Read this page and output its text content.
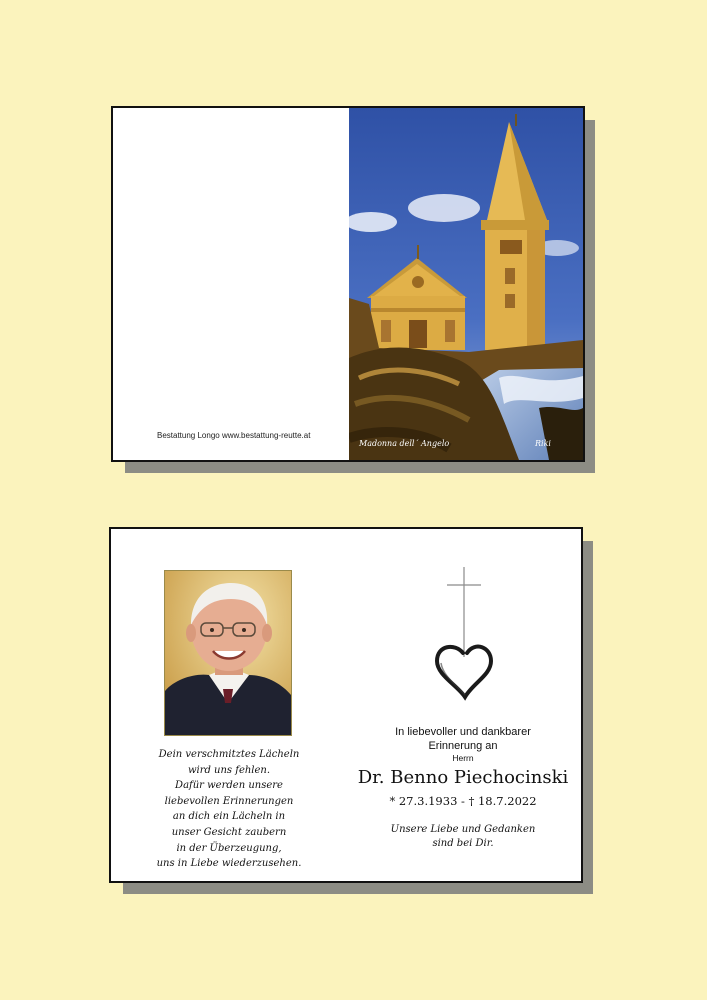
Bestattung Longo www.bestattung-reutte.at
Madonna dell´ Angelo	Riki
Dein verschmitztes Lächeln
wird uns fehlen.
Dafür werden unsere
liebevollen Erinnerungen
an dich ein Lächeln in
unser Gesicht zaubern
in der Überzeugung,
uns in Liebe wiederzusehen.
In liebevoller und dankbarer
Erinnerung an
Herrn
Dr. Benno Piechocinski
* 27.3.1933 - † 18.7.2022
Unsere Liebe und Gedanken
sind bei Dir.
